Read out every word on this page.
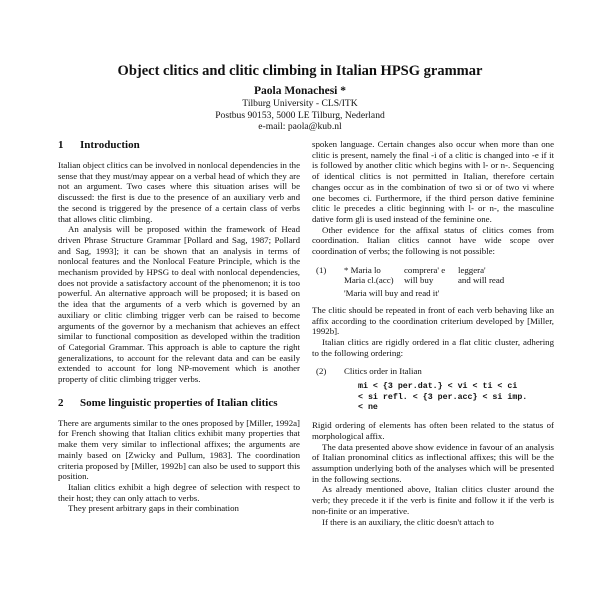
Object clitics and clitic climbing in Italian HPSG grammar
Paola Monachesi *
Tilburg University - CLS/ITK
Postbus 90153, 5000 LE Tilburg, Nederland
e-mail: paola@kub.nl
1	Introduction

Italian object clitics can be involved in nonlocal dependencies in the sense that they must/may appear on a verbal head of which they are not an argument. Two cases where this situation arises will be discussed: the first is due to the presence of an auxiliary verb and the second is triggered by the presence of a certain class of verbs that allows clitic climbing.

An analysis will be proposed within the framework of Head driven Phrase Structure Grammar [Pollard and Sag, 1987; Pollard and Sag, 1993]; it can be shown that an analysis in terms of nonlocal features and the Nonlocal Feature Principle, which is the mechanism provided by HPSG to deal with nonlocal dependencies, does not provide a satisfactory account of the phenomenon; it is too powerful. An alternative approach will be proposed; it is based on the idea that the arguments of a verb which is governed by an auxiliary or clitic climbing trigger verb can be raised to become arguments of the governor by a mechanism that achieves an effect similar to functional composition as developed within the tradition of Categorial Grammar. This approach is able to capture the right generalizations, to account for the relevant data and can be easily extended to account for long NP-movement which is another property of clitic climbing trigger verbs.

2	Some linguistic properties of Italian clitics

There are arguments similar to the ones proposed by [Miller, 1992a] for French showing that Italian clitics exhibit many properties that make them very similar to inflectional affixes; the arguments are mainly based on [Zwicky and Pullum, 1983]. The coordination criteria proposed by [Miller, 1992b] can also be used to support this position.

Italian clitics exhibit a high degree of selection with respect to their host; they can only attach to verbs.

They present arbitrary gaps in their combination

spoken language. Certain changes also occur when more than one clitic is present, namely the final -i of a clitic is changed into -e if it is followed by another clitic which begins with l- or n-. Sequencing of identical clitics is not permitted in Italian, therefore certain changes occur as in the combination of two si or of two vi where one becomes ci. Furthermore, if the third person dative feminine clitic le precedes a clitic beginning with l- or n-, the masculine dative form gli is used instead of the feminine one.

Other evidence for the affixal status of clitics comes from coordination. Italian clitics cannot have wide scope over coordination of verbs; the following is not possible:

(1)	* Maria lo	comprera' e	leggera'
Maria cl.(acc)	will buy	and will read
'Maria will buy and read it'

The clitic should be repeated in front of each verb behaving like an affix according to the coordination criterium developed by [Miller, 1992b].

Italian clitics are rigidly ordered in a flat clitic cluster, adhering to the following ordering:

(2)	Clitics order in Italian
mi < {3 per.dat.} < vi < ti < ci
< si refl. < {3 per.acc} < si imp.
< ne

Rigid ordering of elements has often been related to the status of morphological affix.

The data presented above show evidence in favour of an analysis of Italian pronominal clitics as inflectional affixes; this will be the assumption underlying both of the analyses which will be presented in the following sections.

As already mentioned above, Italian clitics cluster around the verb; they precede it if the verb is finite and follow it if the verb is non-finite or an imperative.

If there is an auxiliary, the clitic doesn't attach to
